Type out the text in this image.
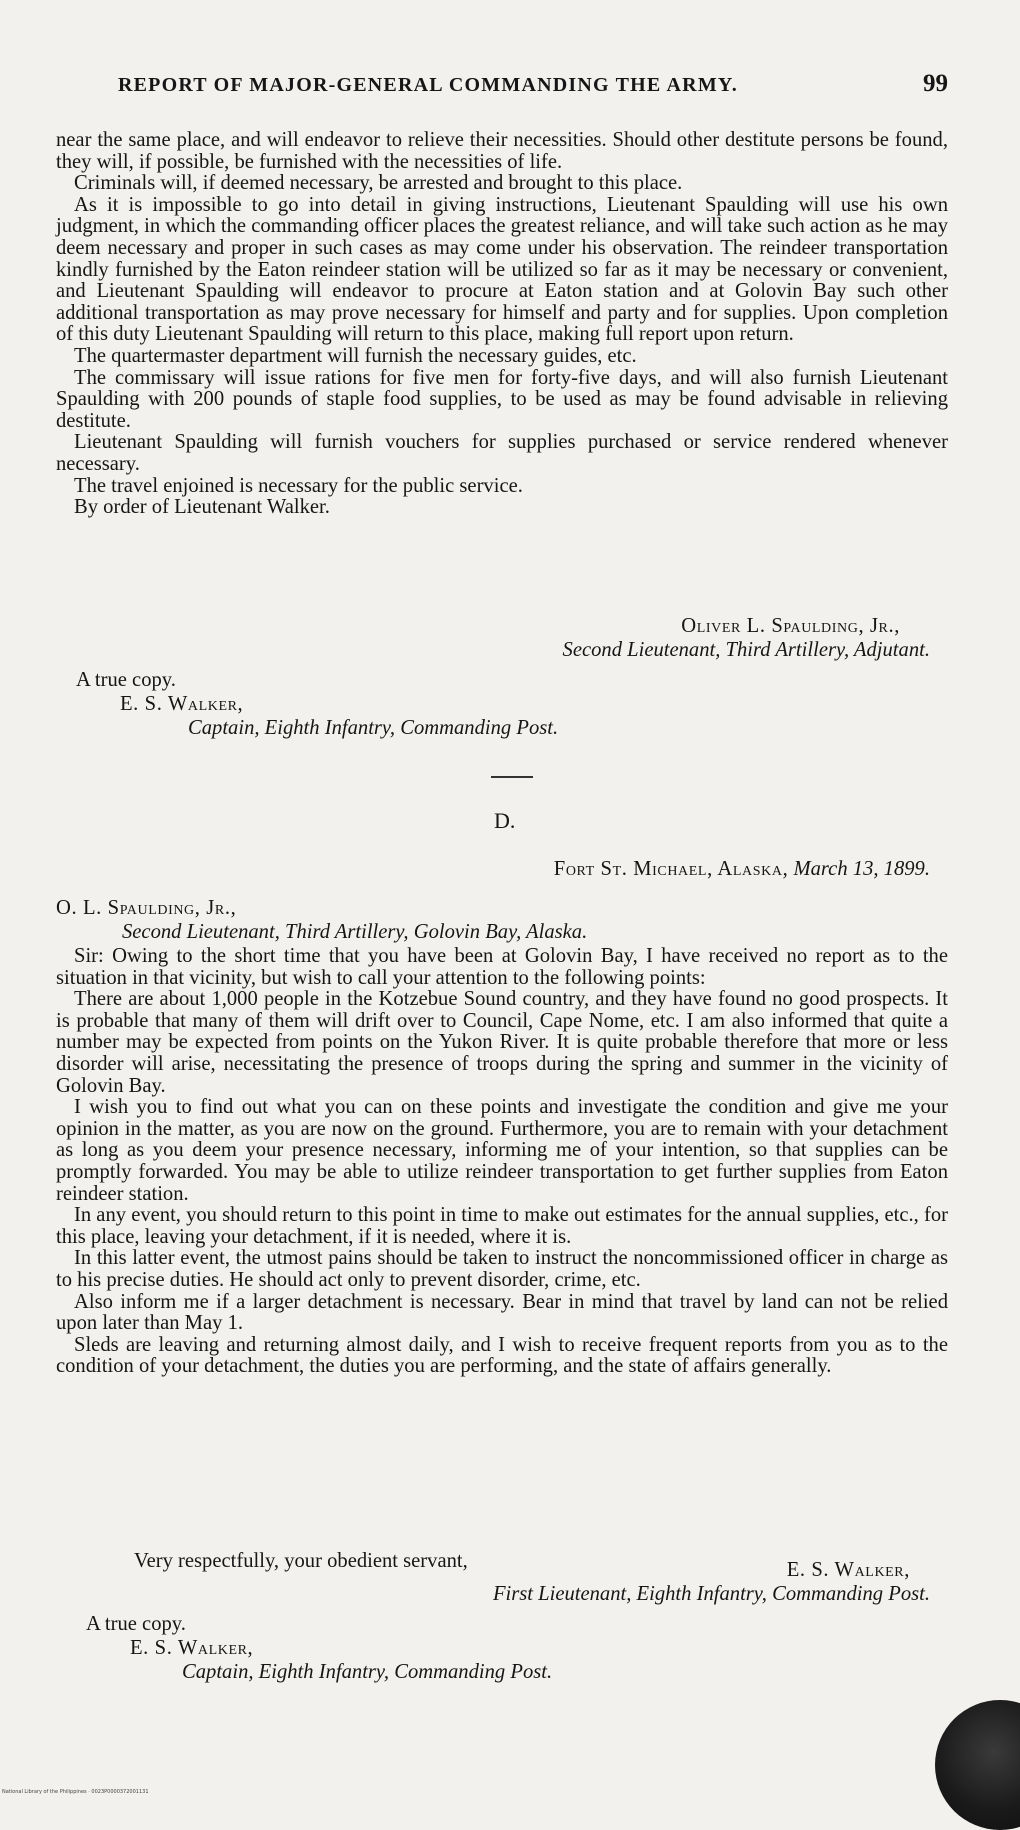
REPORT OF MAJOR-GENERAL COMMANDING THE ARMY.	99

near the same place, and will endeavor to relieve their necessities. Should other destitute persons be found, they will, if possible, be furnished with the necessities of life.

Criminals will, if deemed necessary, be arrested and brought to this place.

As it is impossible to go into detail in giving instructions, Lieutenant Spaulding will use his own judgment, in which the commanding officer places the greatest reliance, and will take such action as he may deem necessary and proper in such cases as may come under his observation. The reindeer transportation kindly furnished by the Eaton reindeer station will be utilized so far as it may be necessary or convenient, and Lieutenant Spaulding will endeavor to procure at Eaton station and at Golovin Bay such other additional transportation as may prove necessary for himself and party and for supplies. Upon completion of this duty Lieutenant Spaulding will return to this place, making full report upon return.

The quartermaster department will furnish the necessary guides, etc.

The commissary will issue rations for five men for forty-five days, and will also furnish Lieutenant Spaulding with 200 pounds of staple food supplies, to be used as may be found advisable in relieving destitute.

Lieutenant Spaulding will furnish vouchers for supplies purchased or service rendered whenever necessary.

The travel enjoined is necessary for the public service.

By order of Lieutenant Walker.

Oliver L. Spaulding, Jr.,
Second Lieutenant, Third Artillery, Adjutant.
A true copy.
E. S. Walker,
Captain, Eighth Infantry, Commanding Post.
D.
Fort St. Michael, Alaska, March 13, 1899.
O. L. Spaulding, Jr.,
Second Lieutenant, Third Artillery, Golovin Bay, Alaska.

Sir: Owing to the short time that you have been at Golovin Bay, I have received no report as to the situation in that vicinity, but wish to call your attention to the following points:

There are about 1,000 people in the Kotzebue Sound country, and they have found no good prospects. It is probable that many of them will drift over to Council, Cape Nome, etc. I am also informed that quite a number may be expected from points on the Yukon River. It is quite probable therefore that more or less disorder will arise, necessitating the presence of troops during the spring and summer in the vicinity of Golovin Bay.

I wish you to find out what you can on these points and investigate the condition and give me your opinion in the matter, as you are now on the ground. Furthermore, you are to remain with your detachment as long as you deem your presence necessary, informing me of your intention, so that supplies can be promptly forwarded. You may be able to utilize reindeer transportation to get further supplies from Eaton reindeer station.

In any event, you should return to this point in time to make out estimates for the annual supplies, etc., for this place, leaving your detachment, if it is needed, where it is.

In this latter event, the utmost pains should be taken to instruct the noncommissioned officer in charge as to his precise duties. He should act only to prevent disorder, crime, etc.

Also inform me if a larger detachment is necessary. Bear in mind that travel by land can not be relied upon later than May 1.

Sleds are leaving and returning almost daily, and I wish to receive frequent reports from you as to the condition of your detachment, the duties you are performing, and the state of affairs generally.

Very respectfully, your obedient servant,	E. S. Walker,
First Lieutenant, Eighth Infantry, Commanding Post.
A true copy.
E. S. Walker,
Captain, Eighth Infantry, Commanding Post.
National Library of the Philippines · 0023P0000372001131
